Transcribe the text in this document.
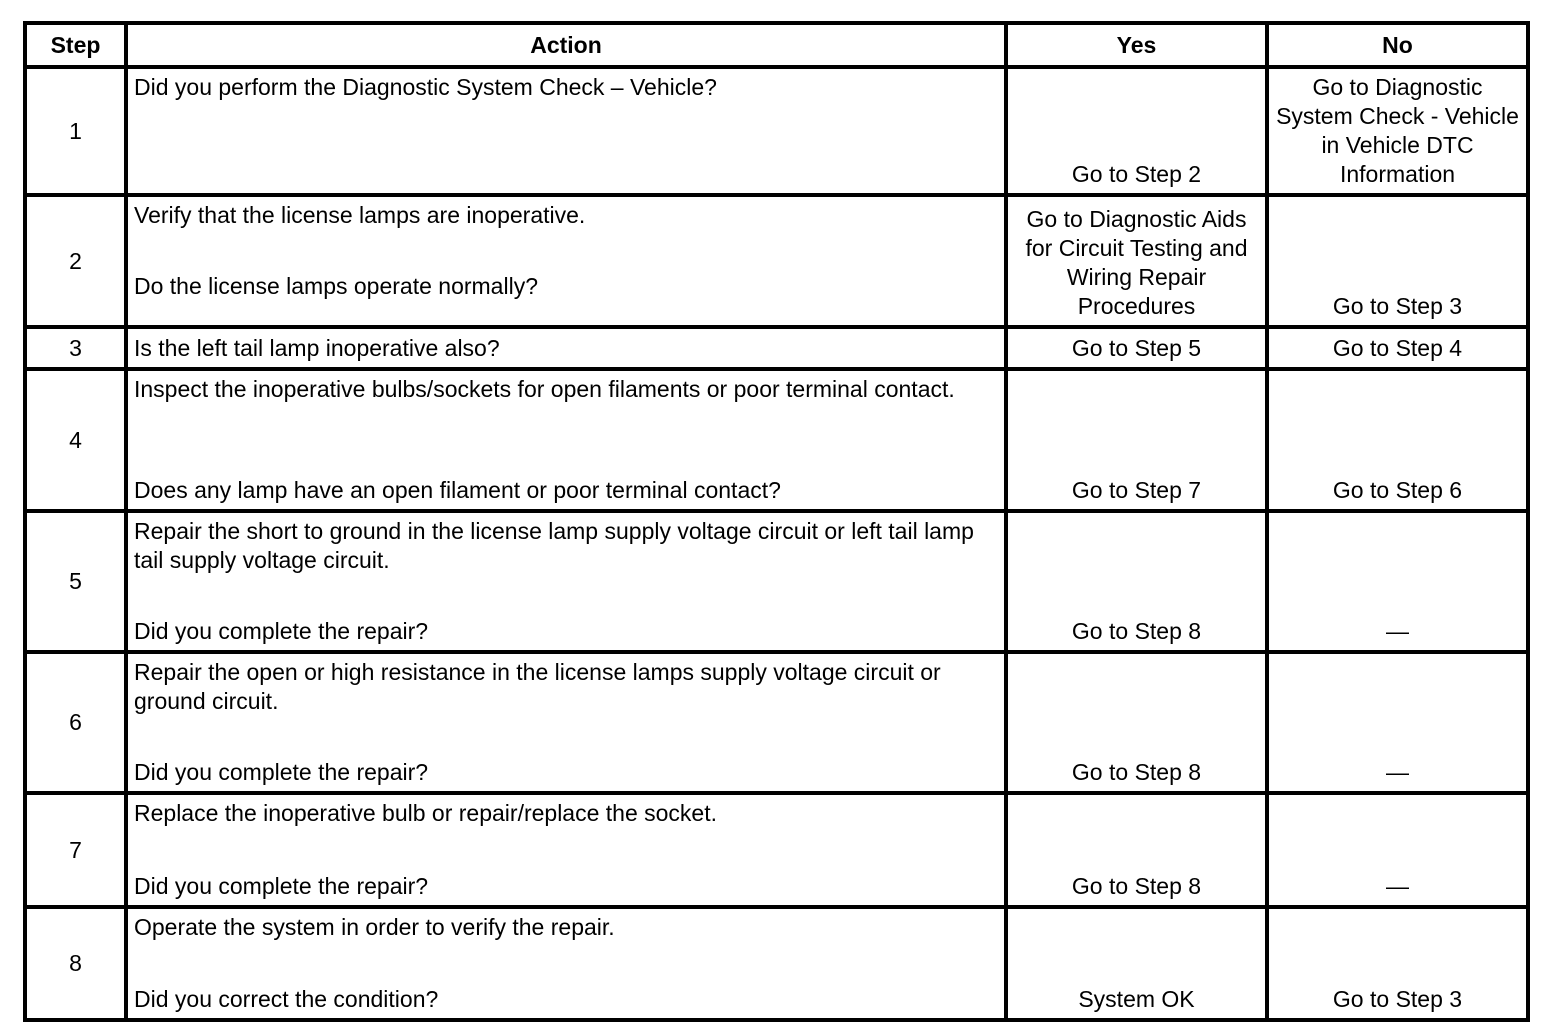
Step	Action	Yes	No
1	Did you perform the Diagnostic System Check – Vehicle?	Go to Step 2	Go to Diagnostic System Check - Vehicle in Vehicle DTC Information
2	Verify that the license lamps are inoperative.
Do the license lamps operate normally?	Go to Diagnostic Aids for Circuit Testing and Wiring Repair Procedures	Go to Step 3
3	Is the left tail lamp inoperative also?	Go to Step 5	Go to Step 4
4	Inspect the inoperative bulbs/sockets for open filaments or poor terminal contact.
Does any lamp have an open filament or poor terminal contact?	Go to Step 7	Go to Step 6
5	Repair the short to ground in the license lamp supply voltage circuit or left tail lamp tail supply voltage circuit.
Did you complete the repair?	Go to Step 8	—
6	Repair the open or high resistance in the license lamps supply voltage circuit or ground circuit.
Did you complete the repair?	Go to Step 8	—
7	Replace the inoperative bulb or repair/replace the socket.
Did you complete the repair?	Go to Step 8	—
8	Operate the system in order to verify the repair.
Did you correct the condition?	System OK	Go to Step 3
